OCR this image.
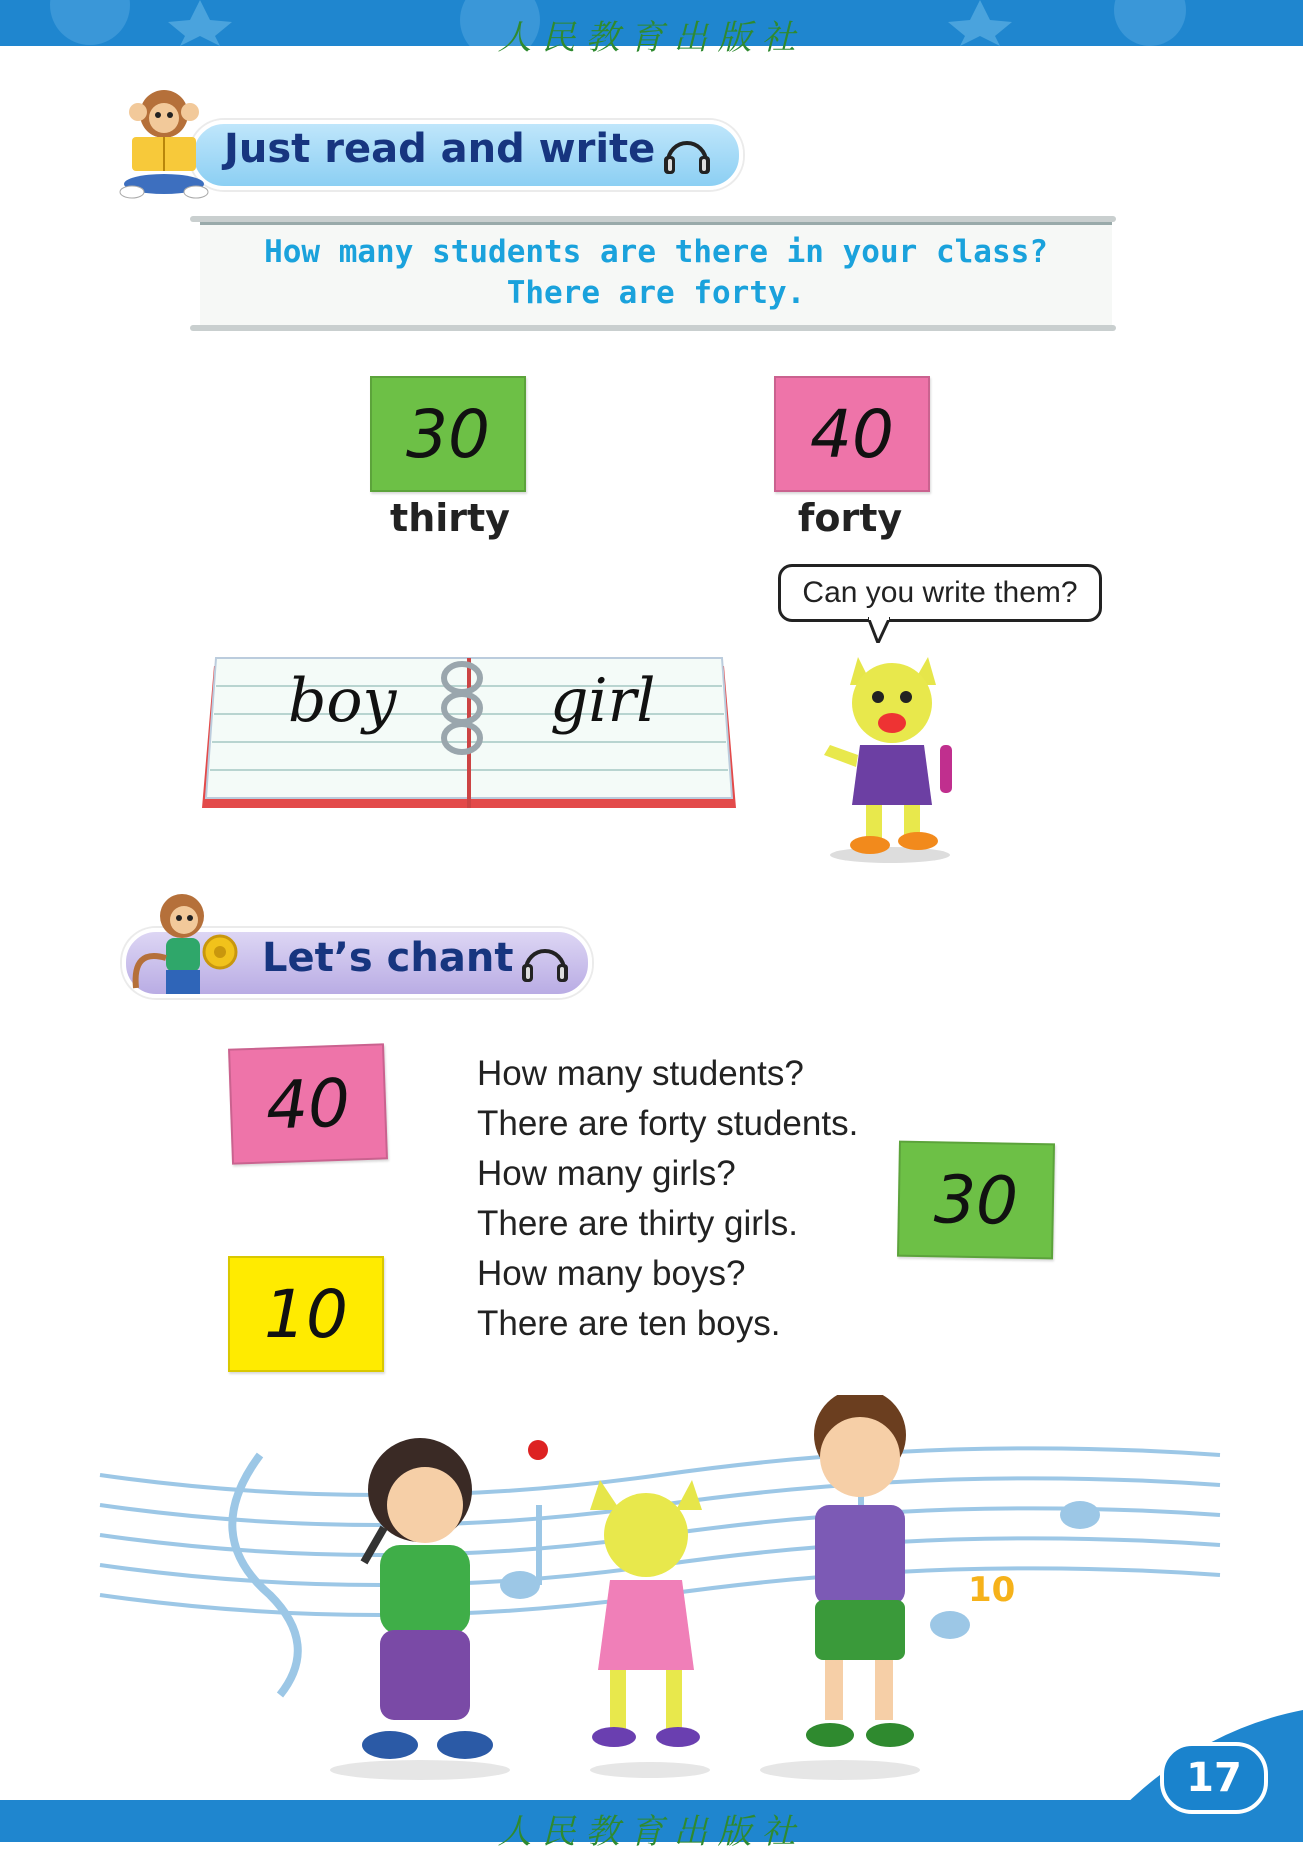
人民教育出版社
Just read and write
How many students are there in your class?
There are forty.
30	40
thirty	forty
boy	girl
Can you write them?
Let’s chant
40
10
30
How many students?
There are forty students.
How many girls?
There are thirty girls.
How many boys?
There are ten boys.
10
人民教育出版社
17
